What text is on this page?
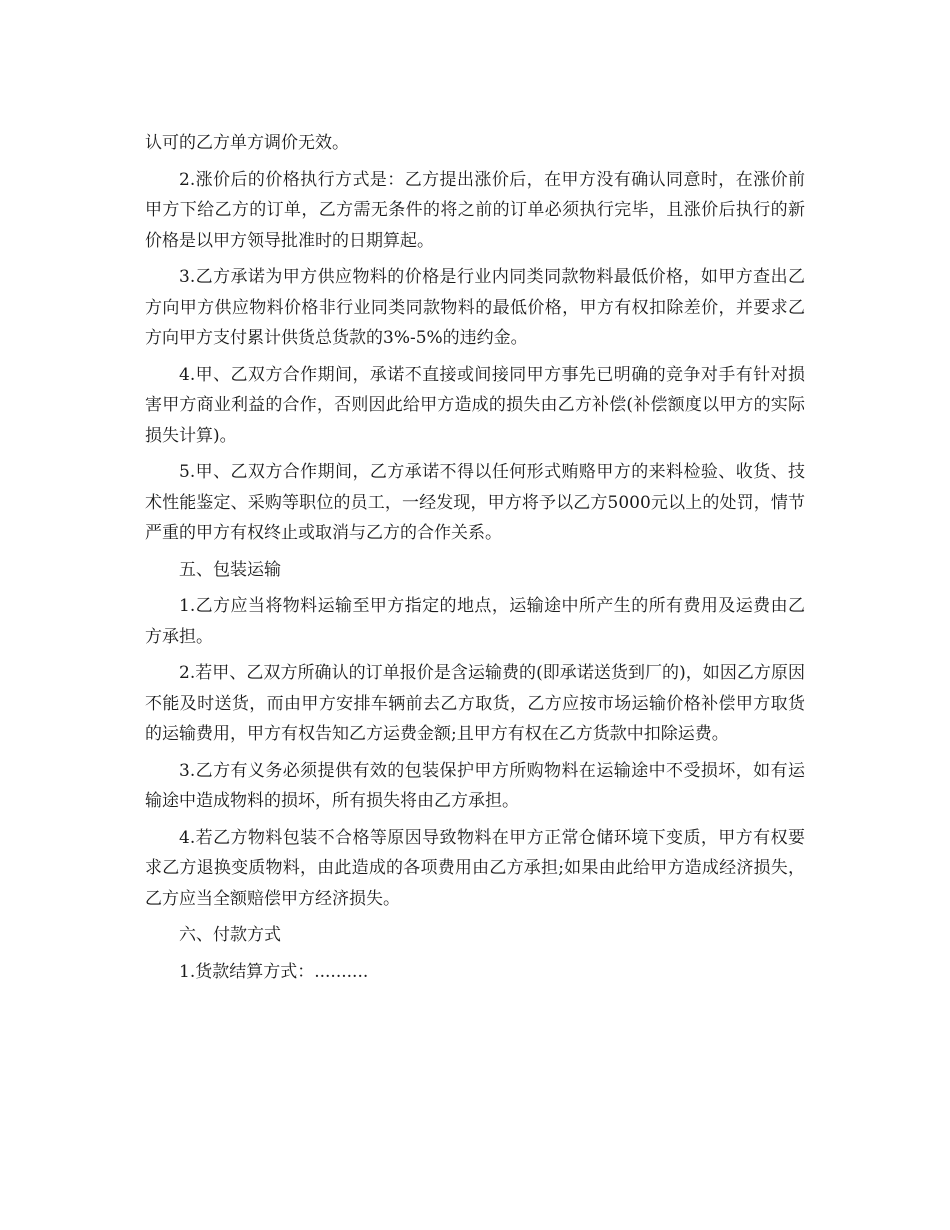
认可的乙方单方调价无效。

2.涨价后的价格执行方式是：乙方提出涨价后，在甲方没有确认同意时，在涨价前甲方下给乙方的订单，乙方需无条件的将之前的订单必须执行完毕，且涨价后执行的新价格是以甲方领导批准时的日期算起。

3.乙方承诺为甲方供应物料的价格是行业内同类同款物料最低价格，如甲方查出乙方向甲方供应物料价格非行业同类同款物料的最低价格，甲方有权扣除差价，并要求乙方向甲方支付累计供货总货款的3%-5%的违约金。

4.甲、乙双方合作期间，承诺不直接或间接同甲方事先已明确的竞争对手有针对损害甲方商业利益的合作，否则因此给甲方造成的损失由乙方补偿(补偿额度以甲方的实际损失计算)。

5.甲、乙双方合作期间，乙方承诺不得以任何形式贿赂甲方的来料检验、收货、技术性能鉴定、采购等职位的员工，一经发现，甲方将予以乙方5000元以上的处罚，情节严重的甲方有权终止或取消与乙方的合作关系。

五、包装运输

1.乙方应当将物料运输至甲方指定的地点，运输途中所产生的所有费用及运费由乙方承担。

2.若甲、乙双方所确认的订单报价是含运输费的(即承诺送货到厂的)，如因乙方原因不能及时送货，而由甲方安排车辆前去乙方取货，乙方应按市场运输价格补偿甲方取货的运输费用，甲方有权告知乙方运费金额;且甲方有权在乙方货款中扣除运费。

3.乙方有义务必须提供有效的包装保护甲方所购物料在运输途中不受损坏，如有运输途中造成物料的损坏，所有损失将由乙方承担。

4.若乙方物料包装不合格等原因导致物料在甲方正常仓储环境下变质，甲方有权要求乙方退换变质物料，由此造成的各项费用由乙方承担;如果由此给甲方造成经济损失，乙方应当全额赔偿甲方经济损失。

六、付款方式

1.货款结算方式：..........
